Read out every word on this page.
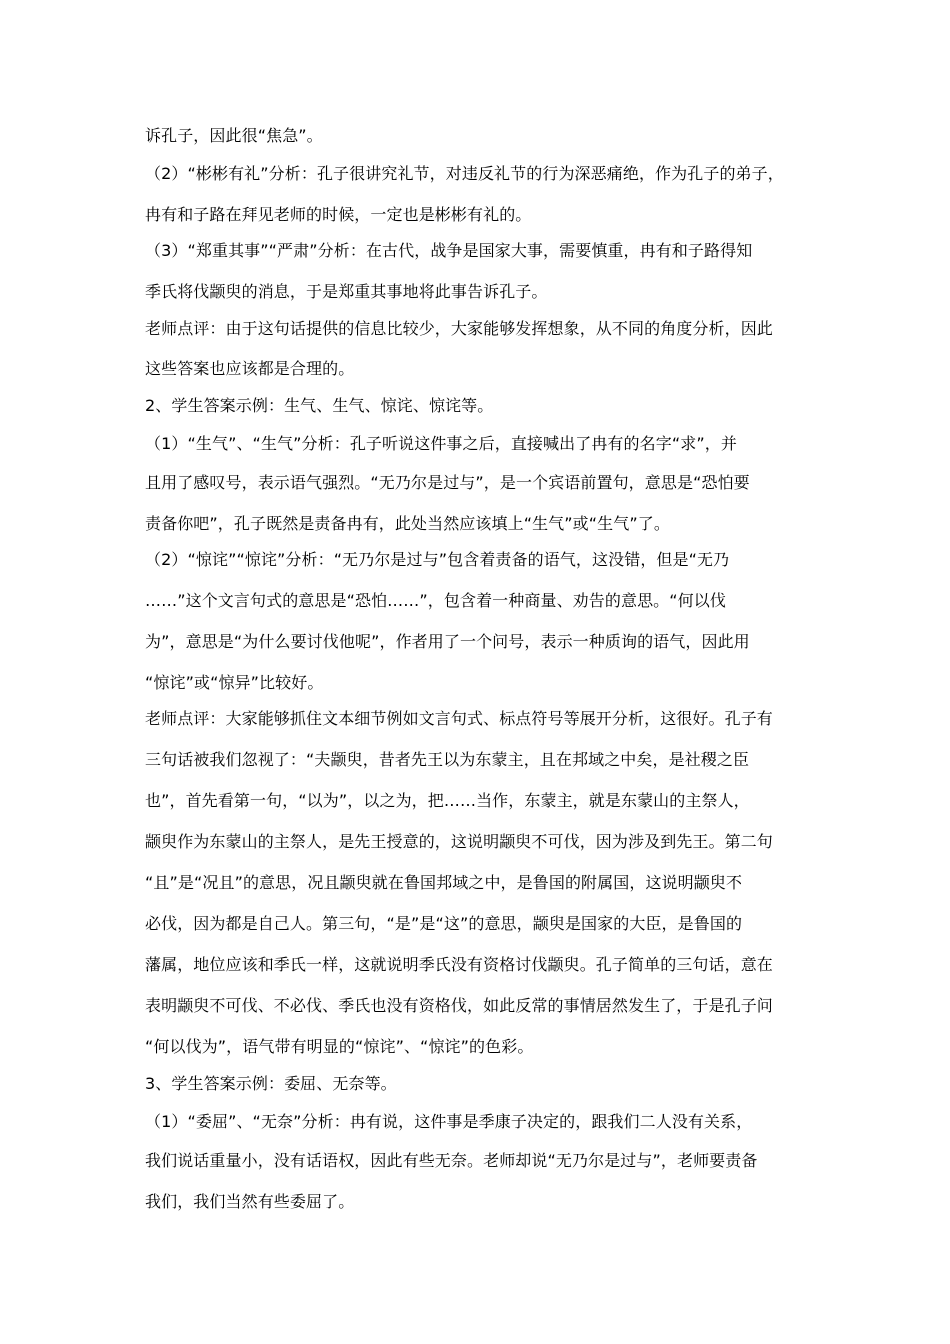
诉孔子，因此很“焦急”。
（2）“彬彬有礼”分析：孔子很讲究礼节，对违反礼节的行为深恶痛绝，作为孔子的弟子，
冉有和子路在拜见老师的时候，一定也是彬彬有礼的。
（3）“郑重其事”“严肃”分析：在古代，战争是国家大事，需要慎重，冉有和子路得知
季氏将伐颛臾的消息，于是郑重其事地将此事告诉孔子。
老师点评：由于这句话提供的信息比较少，大家能够发挥想象，从不同的角度分析，因此
这些答案也应该都是合理的。
2、学生答案示例：生气、生气、惊诧、惊诧等。
（1）“生气”、“生气”分析：孔子听说这件事之后，直接喊出了冉有的名字“求”，并
且用了感叹号，表示语气强烈。“无乃尔是过与”，是一个宾语前置句，意思是“恐怕要
责备你吧”，孔子既然是责备冉有，此处当然应该填上“生气”或“生气”了。
（2）“惊诧”“惊诧”分析：“无乃尔是过与”包含着责备的语气，这没错，但是“无乃
……”这个文言句式的意思是“恐怕……”，包含着一种商量、劝告的意思。“何以伐
为”，意思是“为什么要讨伐他呢”，作者用了一个问号，表示一种质询的语气，因此用
“惊诧”或“惊异”比较好。
老师点评：大家能够抓住文本细节例如文言句式、标点符号等展开分析，这很好。孔子有
三句话被我们忽视了：“夫颛臾，昔者先王以为东蒙主，且在邦域之中矣，是社稷之臣
也”，首先看第一句，“以为”，以之为，把……当作，东蒙主，就是东蒙山的主祭人，
颛臾作为东蒙山的主祭人，是先王授意的，这说明颛臾不可伐，因为涉及到先王。第二句
“且”是“况且”的意思，况且颛臾就在鲁国邦域之中，是鲁国的附属国，这说明颛臾不
必伐，因为都是自己人。第三句，“是”是“这”的意思，颛臾是国家的大臣，是鲁国的
藩属，地位应该和季氏一样，这就说明季氏没有资格讨伐颛臾。孔子简单的三句话，意在
表明颛臾不可伐、不必伐、季氏也没有资格伐，如此反常的事情居然发生了，于是孔子问
“何以伐为”，语气带有明显的“惊诧”、“惊诧”的色彩。
3、学生答案示例：委屈、无奈等。
（1）“委屈”、“无奈”分析：冉有说，这件事是季康子决定的，跟我们二人没有关系，
我们说话重量小，没有话语权，因此有些无奈。老师却说“无乃尔是过与”，老师要责备
我们，我们当然有些委屈了。
